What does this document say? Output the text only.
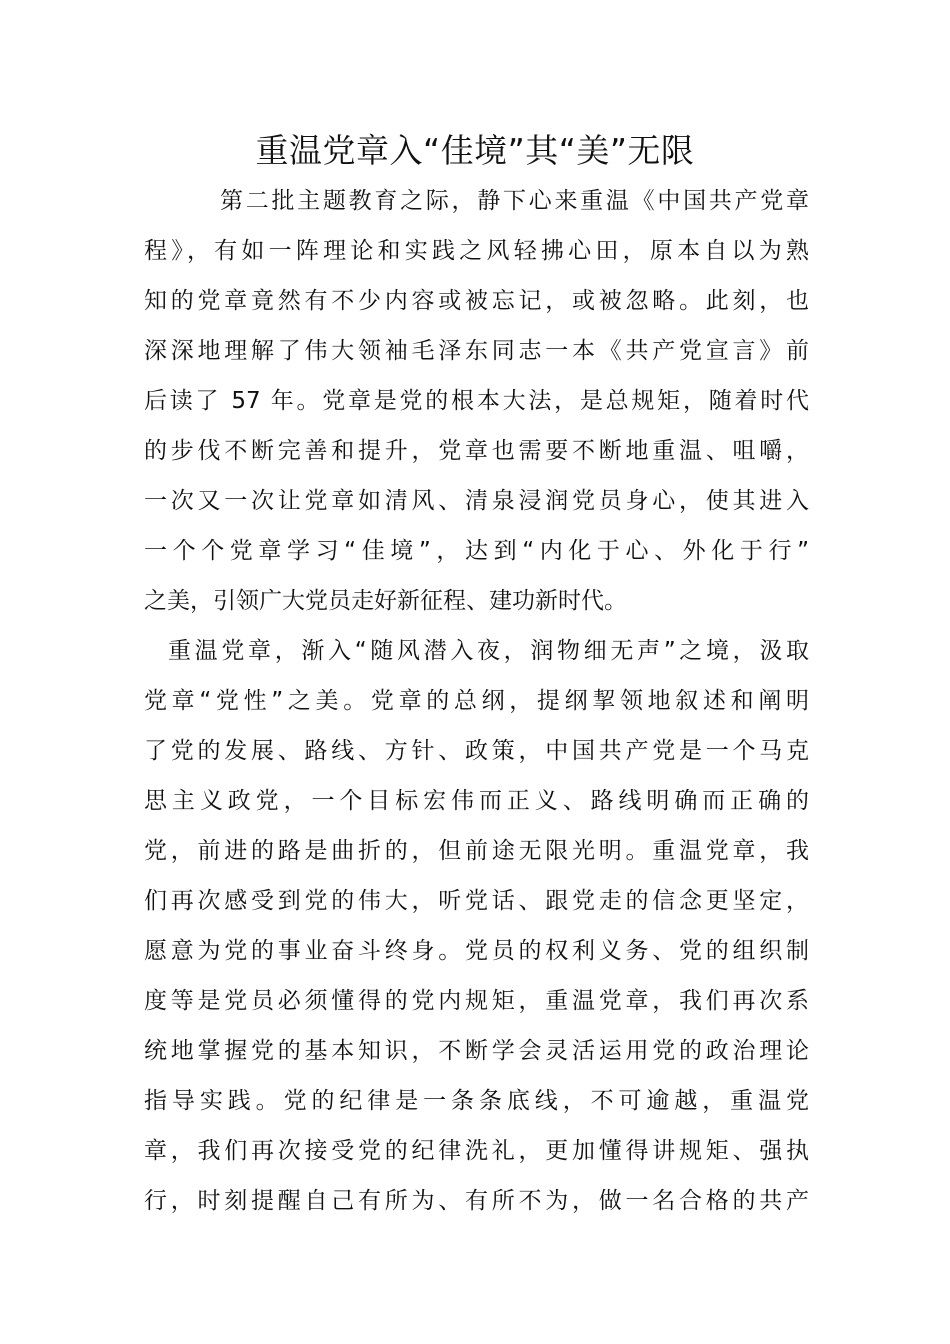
重温党章入“佳境”其“美”无限
第二批主题教育之际，静下心来重温《中国共产党章
程》，有如一阵理论和实践之风轻拂心田，原本自以为熟
知的党章竟然有不少内容或被忘记，或被忽略。此刻，也
深深地理解了伟大领袖毛泽东同志一本《共产党宣言》前
后读了 57 年。党章是党的根本大法，是总规矩，随着时代
的步伐不断完善和提升，党章也需要不断地重温、咀嚼，
一次又一次让党章如清风、清泉浸润党员身心，使其进入
一个个党章学习“佳境”，达到“内化于心、外化于行”
之美，引领广大党员走好新征程、建功新时代。
重温党章，渐入“随风潜入夜，润物细无声”之境，汲取
党章“党性”之美。党章的总纲，提纲挈领地叙述和阐明
了党的发展、路线、方针、政策，中国共产党是一个马克
思主义政党，一个目标宏伟而正义、路线明确而正确的
党，前进的路是曲折的，但前途无限光明。重温党章，我
们再次感受到党的伟大，听党话、跟党走的信念更坚定，
愿意为党的事业奋斗终身。党员的权利义务、党的组织制
度等是党员必须懂得的党内规矩，重温党章，我们再次系
统地掌握党的基本知识，不断学会灵活运用党的政治理论
指导实践。党的纪律是一条条底线，不可逾越，重温党
章，我们再次接受党的纪律洗礼，更加懂得讲规矩、强执
行，时刻提醒自己有所为、有所不为，做一名合格的共产
